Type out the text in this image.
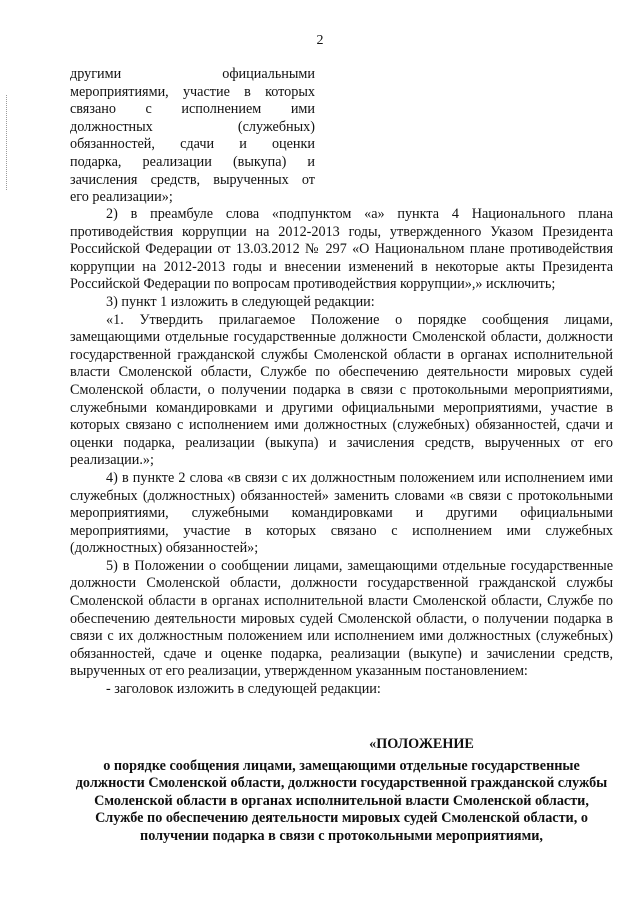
2
другими официальными
мероприятиями, участие в которых
связано с исполнением ими
должностных (служебных)
обязанностей, сдачи и оценки
подарка, реализации (выкупа) и
зачисления средств, вырученных от
его реализации»;

2) в преамбуле слова «подпунктом «а» пункта 4 Национального плана противодействия коррупции на 2012-2013 годы, утвержденного Указом Президента Российской Федерации от 13.03.2012 № 297 «О Национальном плане противодействия коррупции на 2012-2013 годы и внесении изменений в некоторые акты Президента Российской Федерации по вопросам противодействия коррупции»,» исключить;

3) пункт 1 изложить в следующей редакции:

«1. Утвердить прилагаемое Положение о порядке сообщения лицами, замещающими отдельные государственные должности Смоленской области, должности государственной гражданской службы Смоленской области в органах исполнительной власти Смоленской области, Службе по обеспечению деятельности мировых судей Смоленской области, о получении подарка в связи с протокольными мероприятиями, служебными командировками и другими официальными мероприятиями, участие в которых связано с исполнением ими должностных (служебных) обязанностей, сдачи и оценки подарка, реализации (выкупа) и зачисления средств, вырученных от его реализации.»;

4) в пункте 2 слова «в связи с их должностным положением или исполнением ими служебных (должностных) обязанностей» заменить словами «в связи с протокольными мероприятиями, служебными командировками и другими официальными мероприятиями, участие в которых связано с исполнением ими служебных (должностных) обязанностей»;

5) в Положении о сообщении лицами, замещающими отдельные государственные должности Смоленской области, должности государственной гражданской службы Смоленской области в органах исполнительной власти Смоленской области, Службе по обеспечению деятельности мировых судей Смоленской области, о получении подарка в связи с их должностным положением или исполнением ими должностных (служебных) обязанностей, сдаче и оценке подарка, реализации (выкупе) и зачислении средств, вырученных от его реализации, утвержденном указанным постановлением:

- заголовок изложить в следующей редакции:

«ПОЛОЖЕНИЕ
о порядке сообщения лицами, замещающими отдельные государственные должности Смоленской области, должности государственной гражданской службы Смоленской области в органах исполнительной власти Смоленской области, Службе по обеспечению деятельности мировых судей Смоленской области, о получении подарка в связи с протокольными мероприятиями,
